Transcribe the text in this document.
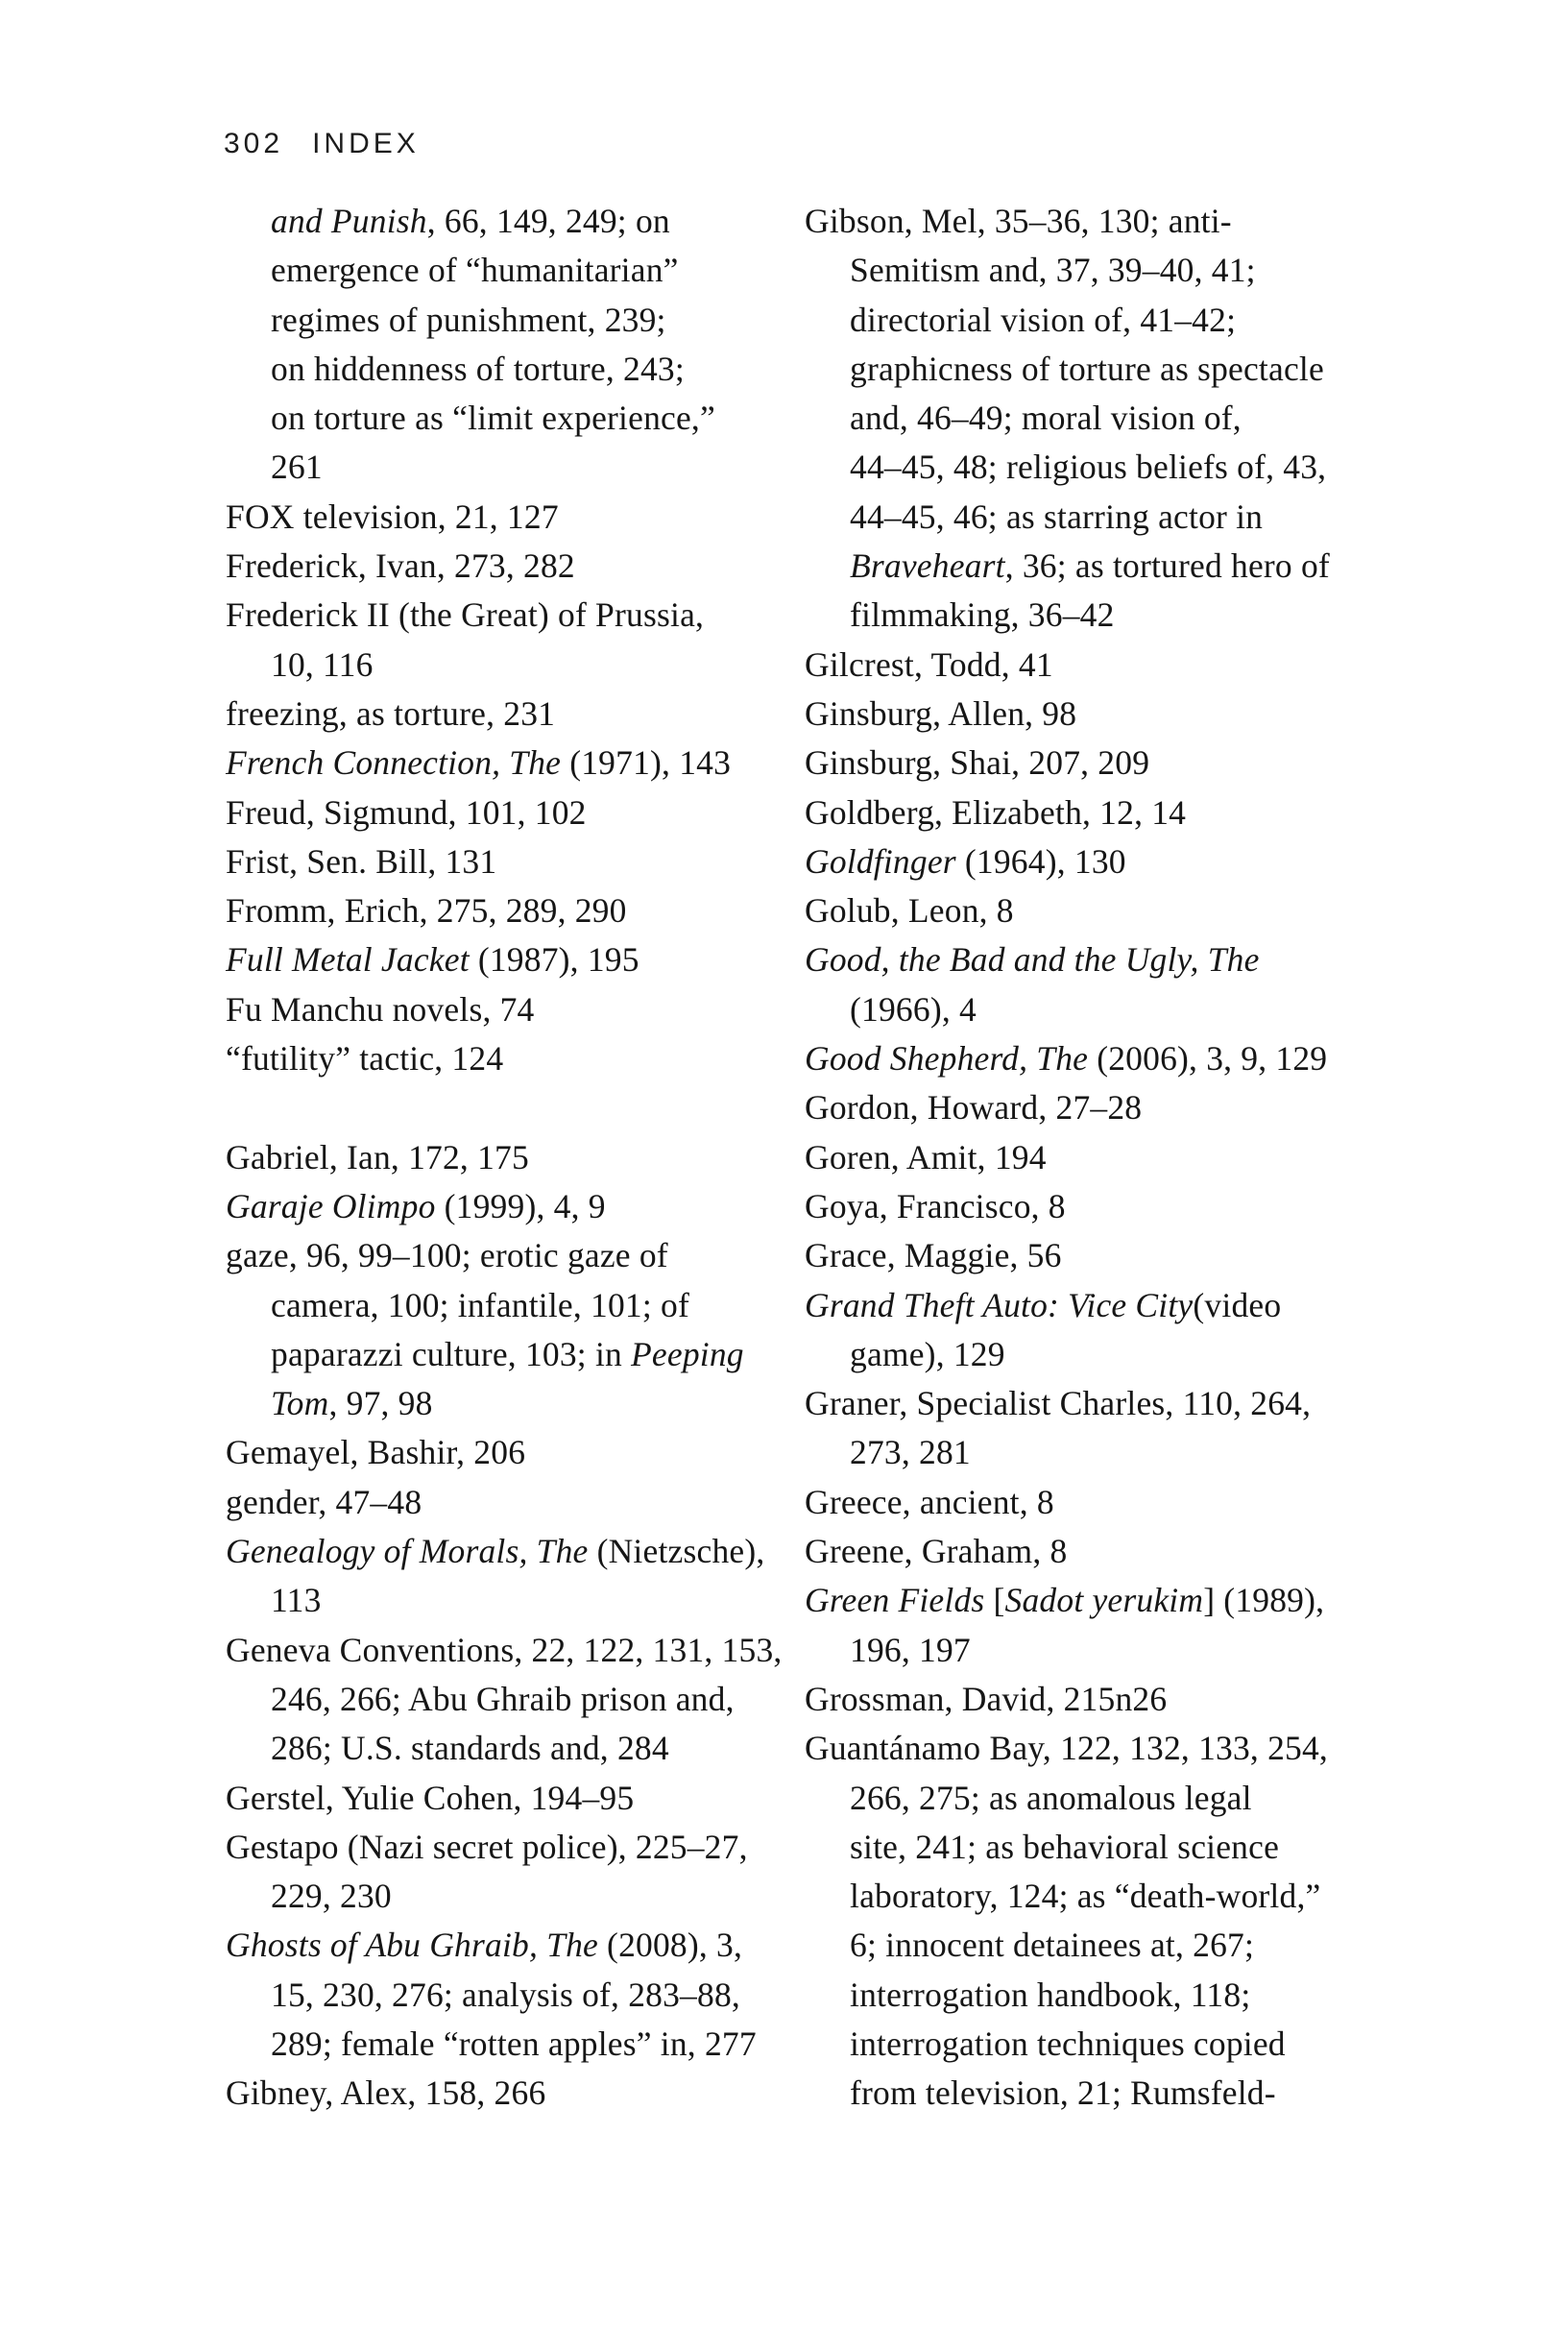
302 INDEX
and Punish, 66, 149, 249; on
emergence of “humanitarian”
regimes of punishment, 239;
on hiddenness of torture, 243;
on torture as “limit experience,”
261
FOX television, 21, 127
Frederick, Ivan, 273, 282
Frederick II (the Great) of Prussia,
10, 116
freezing, as torture, 231
French Connection, The (1971), 143
Freud, Sigmund, 101, 102
Frist, Sen. Bill, 131
Fromm, Erich, 275, 289, 290
Full Metal Jacket (1987), 195
Fu Manchu novels, 74
“futility” tactic, 124
Gabriel, Ian, 172, 175
Garaje Olimpo (1999), 4, 9
gaze, 96, 99–100; erotic gaze of
camera, 100; infantile, 101; of
paparazzi culture, 103; in Peeping
Tom, 97, 98
Gemayel, Bashir, 206
gender, 47–48
Genealogy of Morals, The (Nietzsche),
113
Geneva Conventions, 22, 122, 131, 153,
246, 266; Abu Ghraib prison and,
286; U.S. standards and, 284
Gerstel, Yulie Cohen, 194–95
Gestapo (Nazi secret police), 225–27,
229, 230
Ghosts of Abu Ghraib, The (2008), 3,
15, 230, 276; analysis of, 283–88,
289; female “rotten apples” in, 277
Gibney, Alex, 158, 266
Gibson, Mel, 35–36, 130; anti-
Semitism and, 37, 39–40, 41;
directorial vision of, 41–42;
graphicness of torture as spectacle
and, 46–49; moral vision of,
44–45, 48; religious beliefs of, 43,
44–45, 46; as starring actor in
Braveheart, 36; as tortured hero of
filmmaking, 36–42
Gilcrest, Todd, 41
Ginsburg, Allen, 98
Ginsburg, Shai, 207, 209
Goldberg, Elizabeth, 12, 14
Goldfinger (1964), 130
Golub, Leon, 8
Good, the Bad and the Ugly, The
(1966), 4
Good Shepherd, The (2006), 3, 9, 129
Gordon, Howard, 27–28
Goren, Amit, 194
Goya, Francisco, 8
Grace, Maggie, 56
Grand Theft Auto: Vice City(video
game), 129
Graner, Specialist Charles, 110, 264,
273, 281
Greece, ancient, 8
Greene, Graham, 8
Green Fields [Sadot yerukim] (1989),
196, 197
Grossman, David, 215n26
Guantánamo Bay, 122, 132, 133, 254,
266, 275; as anomalous legal
site, 241; as behavioral science
laboratory, 124; as “death-world,”
6; innocent detainees at, 267;
interrogation handbook, 118;
interrogation techniques copied
from television, 21; Rumsfeld-
